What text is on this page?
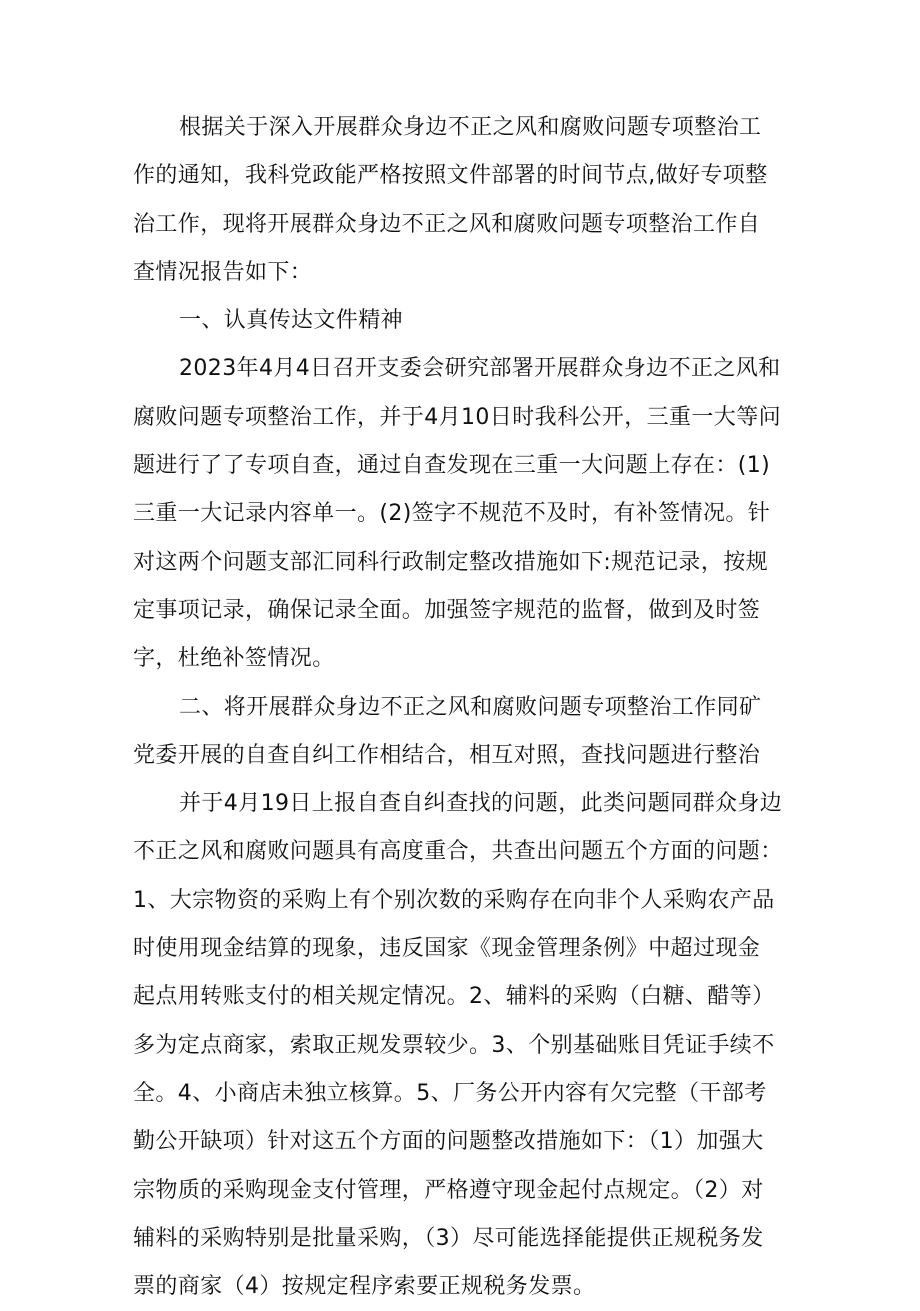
根据关于深入开展群众身边不正之风和腐败问题专项整治工
作的通知，我科党政能严格按照文件部署的时间节点,做好专项整
治工作，现将开展群众身边不正之风和腐败问题专项整治工作自
查情况报告如下：
一、认真传达文件精神
2023年4月4日召开支委会研究部署开展群众身边不正之风和
腐败问题专项整治工作，并于4月10日时我科公开，三重一大等问
题进行了了专项自查，通过自查发现在三重一大问题上存在：(1)
三重一大记录内容单一。(2)签字不规范不及时，有补签情况。针
对这两个问题支部汇同科行政制定整改措施如下:规范记录，按规
定事项记录，确保记录全面。加强签字规范的监督，做到及时签
字，杜绝补签情况。
二、将开展群众身边不正之风和腐败问题专项整治工作同矿
党委开展的自查自纠工作相结合，相互对照，查找问题进行整治
并于4月19日上报自查自纠查找的问题，此类问题同群众身边
不正之风和腐败问题具有高度重合，共查出问题五个方面的问题：
1、大宗物资的采购上有个别次数的采购存在向非个人采购农产品
时使用现金结算的现象，违反国家《现金管理条例》中超过现金
起点用转账支付的相关规定情况。2、辅料的采购（白糖、醋等）
多为定点商家，索取正规发票较少。3、个别基础账目凭证手续不
全。4、小商店未独立核算。5、厂务公开内容有欠完整（干部考
勤公开缺项）针对这五个方面的问题整改措施如下：（1）加强大
宗物质的采购现金支付管理，严格遵守现金起付点规定。（2）对
辅料的采购特别是批量采购，（3）尽可能选择能提供正规税务发
票的商家（4）按规定程序索要正规税务发票。
